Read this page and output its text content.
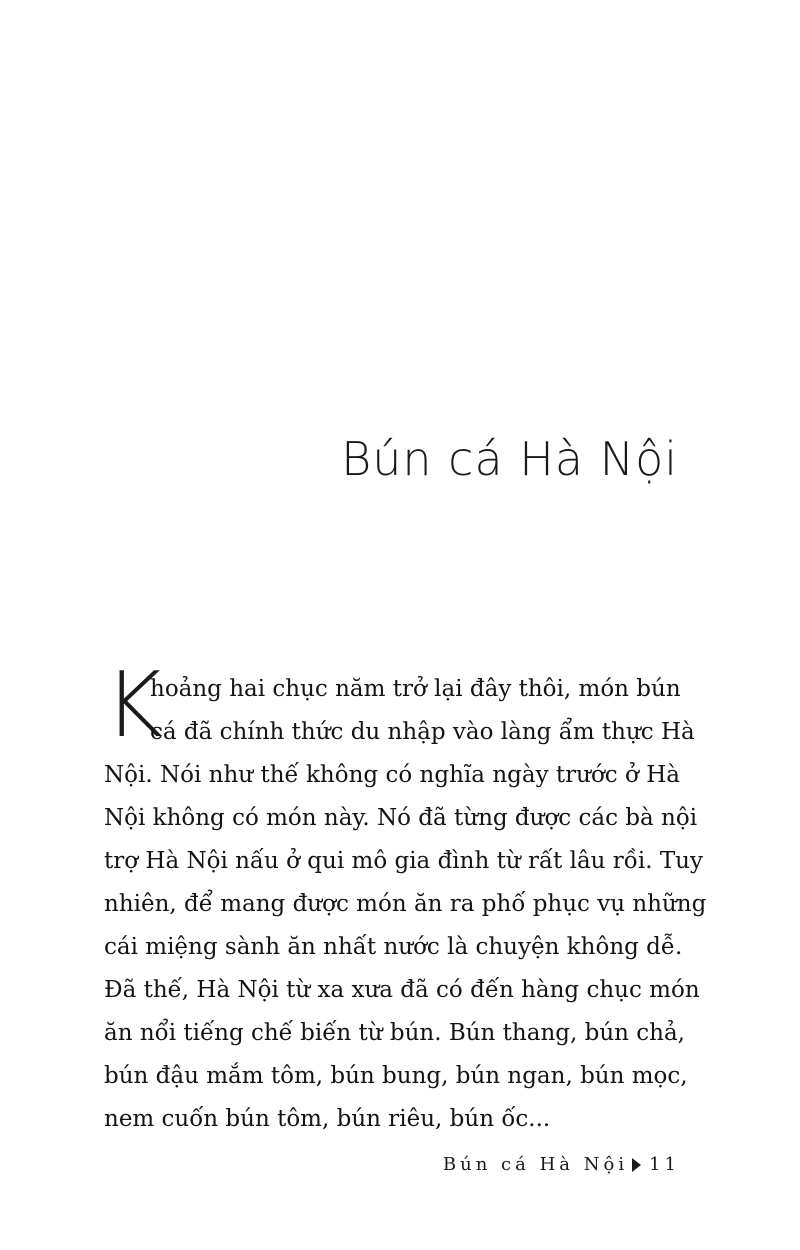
Bún cá Hà Nội
K
hoảng hai chục năm trở lại đây thôi, món bún
cá đã chính thức du nhập vào làng ẩm thực Hà
Nội. Nói như thế không có nghĩa ngày trước ở Hà
Nội không có món này. Nó đã từng được các bà nội
trợ Hà Nội nấu ở qui mô gia đình từ rất lâu rồi. Tuy
nhiên, để mang được món ăn ra phố phục vụ những
cái miệng sành ăn nhất nước là chuyện không dễ.
Đã thế, Hà Nội từ xa xưa đã có đến hàng chục món
ăn nổi tiếng chế biến từ bún. Bún thang, bún chả,
bún đậu mắm tôm, bún bung, bún ngan, bún mọc,
nem cuốn bún tôm, bún riêu, bún ốc...
Bún cá Hà Nội 11
